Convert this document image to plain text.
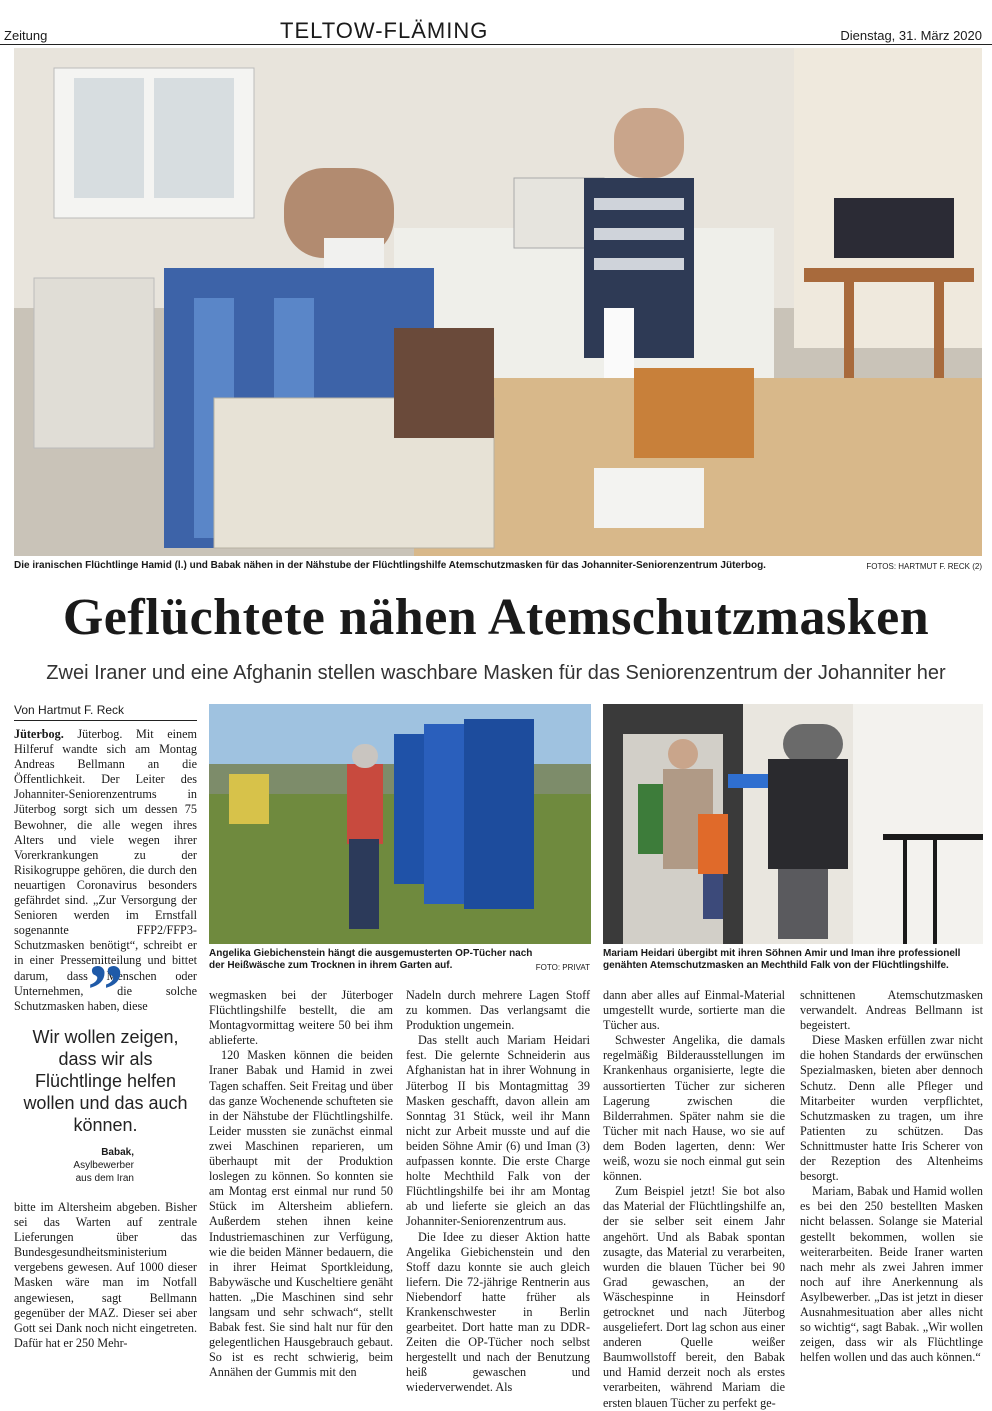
Zeitung	TELTOW-FLÄMING	Dienstag, 31. März 2020
Die iranischen Flüchtlinge Hamid (l.) und Babak nähen in der Nähstube der Flüchtlingshilfe Atemschutzmasken für das Johanniter-Seniorenzentrum Jüterbog.	FOTOS: HARTMUT F. RECK (2)
Geflüchtete nähen Atemschutzmasken
Zwei Iraner und eine Afghanin stellen waschbare Masken für das Seniorenzentrum der Johanniter her
Von Hartmut F. Reck

Jüterbog. Jüterbog. Mit einem Hilferuf wandte sich am Montag Andreas Bellmann an die Öffentlichkeit. Der Leiter des Johanniter-Seniorenzentrums in Jüterbog sorgt sich um dessen 75 Bewohner, die alle wegen ihres Alters und viele wegen ihrer Vorerkrankungen zu der Risikogruppe gehören, die durch den neuartigen Coronavirus besonders gefährdet sind. „Zur Versorgung der Senioren werden im Ernstfall sogenannte FFP2/FFP3-Schutzmasken benötigt“, schreibt er in einer Pressemitteilung und bittet darum, dass Menschen oder Unternehmen, die solche Schutzmasken haben, diese

”
Wir wollen zeigen, dass wir als Flüchtlinge helfen wollen und das auch können.
Babak,
Asylbewerber
aus dem Iran

bitte im Altersheim abgeben. Bisher sei das Warten auf zentrale Lieferungen über das Bundesgesundheitsministerium vergebens gewesen. Auf 1000 dieser Masken wäre man im Notfall angewiesen, sagt Bellmann gegenüber der MAZ. Dieser sei aber Gott sei Dank noch nicht eingetreten. Dafür hat er 250 Mehr-

Angelika Giebichenstein hängt die ausgemusterten OP-Tücher nach der Heißwäsche zum Trocknen in ihrem Garten auf.	FOTO: PRIVAT
Mariam Heidari übergibt mit ihren Söhnen Amir und Iman ihre professionell genähten Atemschutzmasken an Mechthild Falk von der Flüchtlingshilfe.

wegmasken bei der Jüterboger Flüchtlingshilfe bestellt, die am Montagvormittag weitere 50 bei ihm ablieferte.

120 Masken können die beiden Iraner Babak und Hamid in zwei Tagen schaffen. Seit Freitag und über das ganze Wochenende schufteten sie in der Nähstube der Flüchtlingshilfe. Leider mussten sie zunächst einmal zwei Maschinen reparieren, um überhaupt mit der Produktion loslegen zu können. So konnten sie am Montag erst einmal nur rund 50 Stück im Altersheim abliefern. Außerdem stehen ihnen keine Industriemaschinen zur Verfügung, wie die beiden Männer bedauern, die in ihrer Heimat Sportkleidung, Babywäsche und Kuscheltiere genäht hatten. „Die Maschinen sind sehr langsam und sehr schwach“, stellt Babak fest. Sie sind halt nur für den gelegentlichen Hausgebrauch gebaut. So ist es recht schwierig, beim Annähen der Gummis mit den

Nadeln durch mehrere Lagen Stoff zu kommen. Das verlangsamt die Produktion ungemein.

Das stellt auch Mariam Heidari fest. Die gelernte Schneiderin aus Afghanistan hat in ihrer Wohnung in Jüterbog II bis Montagmittag 39 Masken geschafft, davon allein am Sonntag 31 Stück, weil ihr Mann nicht zur Arbeit musste und auf die beiden Söhne Amir (6) und Iman (3) aufpassen konnte. Die erste Charge holte Mechthild Falk von der Flüchtlingshilfe bei ihr am Montag ab und lieferte sie gleich an das Johanniter-Seniorenzentrum aus.

Die Idee zu dieser Aktion hatte Angelika Giebichenstein und den Stoff dazu konnte sie auch gleich liefern. Die 72-jährige Rentnerin aus Niebendorf hatte früher als Krankenschwester in Berlin gearbeitet. Dort hatte man zu DDR-Zeiten die OP-Tücher noch selbst hergestellt und nach der Benutzung heiß gewaschen und wiederverwendet. Als

dann aber alles auf Einmal-Material umgestellt wurde, sortierte man die Tücher aus.

Schwester Angelika, die damals regelmäßig Bilderausstellungen im Krankenhaus organisierte, legte die aussortierten Tücher zur sicheren Lagerung zwischen die Bilderrahmen. Später nahm sie die Tücher mit nach Hause, wo sie auf dem Boden lagerten, denn: Wer weiß, wozu sie noch einmal gut sein können.

Zum Beispiel jetzt! Sie bot also das Material der Flüchtlingshilfe an, der sie selber seit einem Jahr angehört. Und als Babak spontan zusagte, das Material zu verarbeiten, wurden die blauen Tücher bei 90 Grad gewaschen, an der Wäschespinne in Heinsdorf getrocknet und nach Jüterbog ausgeliefert. Dort lag schon aus einer anderen Quelle weißer Baumwollstoff bereit, den Babak und Hamid derzeit noch als erstes verarbeiten, während Mariam die ersten blauen Tücher zu perfekt ge-

schnittenen Atemschutzmasken verwandelt. Andreas Bellmann ist begeistert.

Diese Masken erfüllen zwar nicht die hohen Standards der erwünschen Spezialmasken, bieten aber dennoch Schutz. Denn alle Pfleger und Mitarbeiter wurden verpflichtet, Schutzmasken zu tragen, um ihre Patienten zu schützen. Das Schnittmuster hatte Iris Scherer von der Rezeption des Altenheims besorgt.

Mariam, Babak und Hamid wollen es bei den 250 bestellten Masken nicht belassen. Solange sie Material gestellt bekommen, wollen sie weiterarbeiten. Beide Iraner warten nach mehr als zwei Jahren immer noch auf ihre Anerkennung als Asylbewerber. „Das ist jetzt in dieser Ausnahmesituation aber alles nicht so wichtig“, sagt Babak. „Wir wollen zeigen, dass wir als Flüchtlinge helfen wollen und das auch können.“
